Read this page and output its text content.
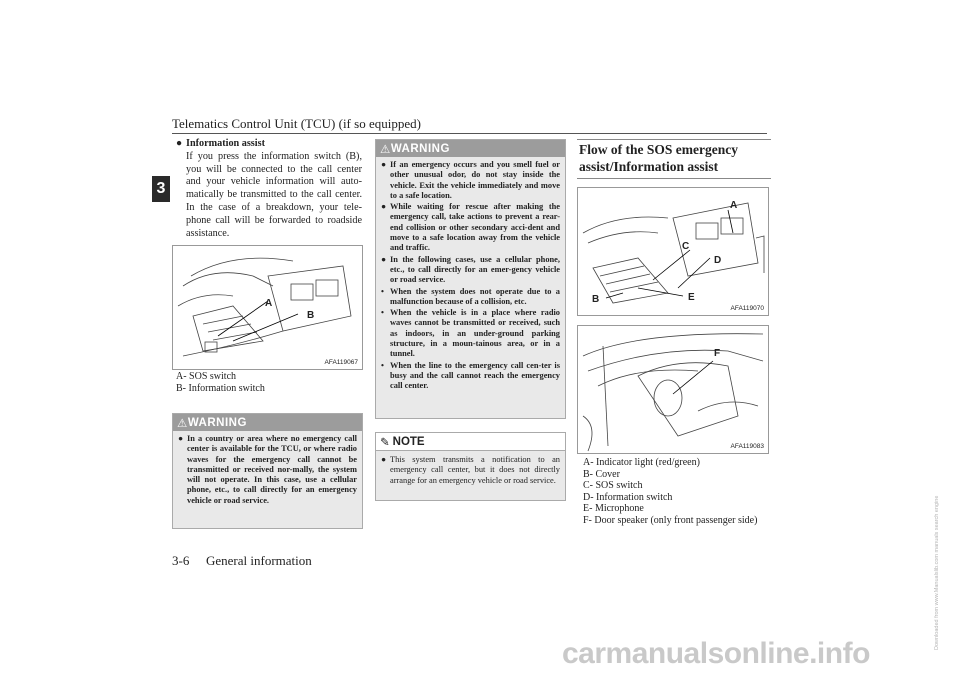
Telematics Control Unit (TCU) (if so equipped)
3
● Information assist
If you press the information switch (B), you will be connected to the call center and your vehicle information will auto-matically be transmitted to the call center. In the case of a breakdown, your tele-phone call will be forwarded to roadside assistance.
A
B
AFA119067
A- SOS switch
B- Information switch
⚠ WARNING
● In a country or area where no emergency call center is available for the TCU, or where radio waves for the emergency call cannot be transmitted or received nor-mally, the system will not operate. In this case, use a cellular phone, etc., to call directly for an emergency vehicle or road service.
⚠ WARNING
● If an emergency occurs and you smell fuel or other unusual odor, do not stay inside the vehicle. Exit the vehicle immediately and move to a safe location.
● While waiting for rescue after making the emergency call, take actions to prevent a rear-end collision or other secondary acci-dent and move to a safe location away from the vehicle and traffic.
● In the following cases, use a cellular phone, etc., to call directly for an emer-gency vehicle or road service.
• When the system does not operate due to a malfunction because of a collision, etc.
• When the vehicle is in a place where radio waves cannot be transmitted or received, such as indoors, in an under-ground parking structure, in a moun-tainous area, or in a tunnel.
• When the line to the emergency call cen-ter is busy and the call cannot reach the emergency call center.
✎ NOTE
● This system transmits a notification to an emergency call center, but it does not directly arrange for an emergency vehicle or road service.
Flow of the SOS emergency assist/Information assist
A
C
D
B	E
AFA119070
F
AFA119083
A- Indicator light (red/green)
B- Cover
C- SOS switch
D- Information switch
E- Microphone
F- Door speaker (only front passenger side)
3-6 General information
carmanualsonline.info
Downloaded from www.Manualslib.com manuals search engine
